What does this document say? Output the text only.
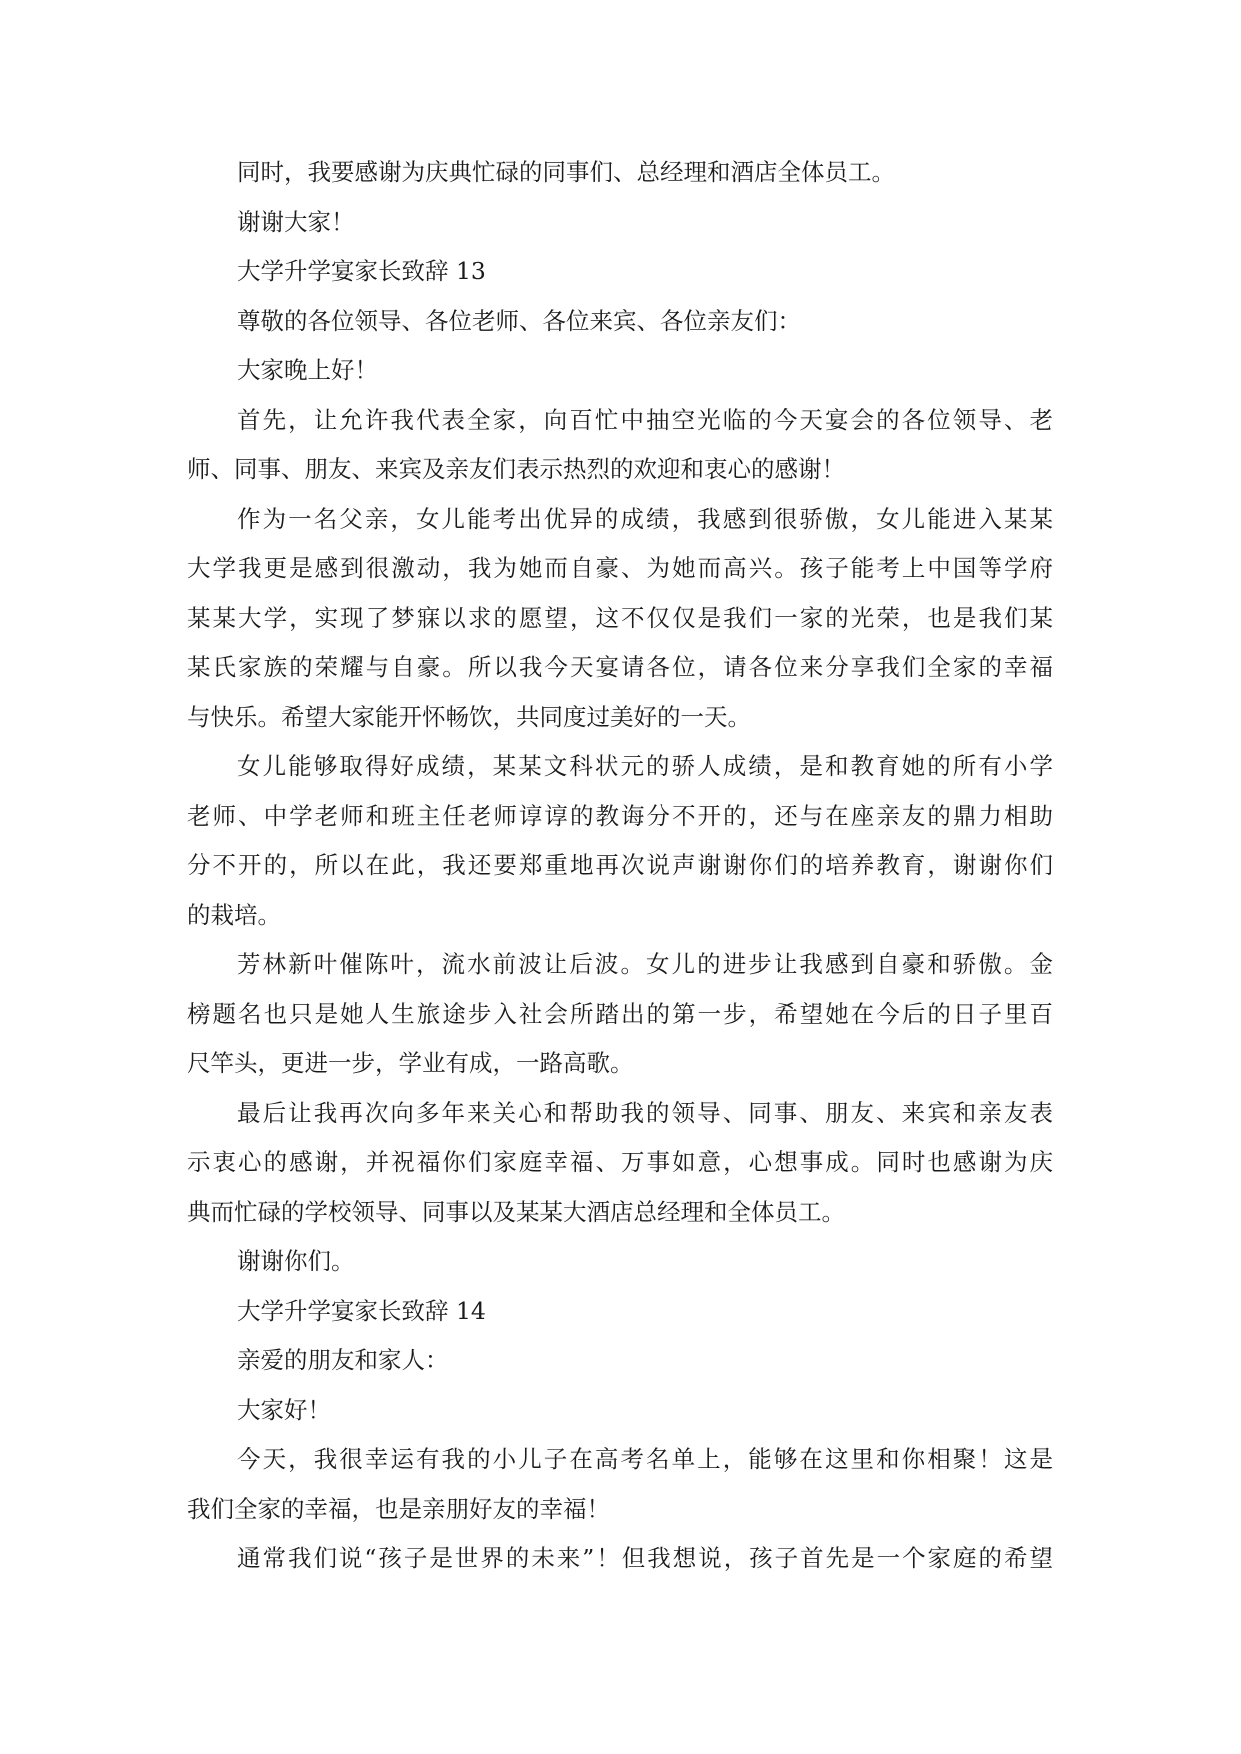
同时，我要感谢为庆典忙碌的同事们、总经理和酒店全体员工。
谢谢大家！
大学升学宴家长致辞 13
尊敬的各位领导、各位老师、各位来宾、各位亲友们：
大家晚上好！
首先，让允许我代表全家，向百忙中抽空光临的今天宴会的各位领导、老
师、同事、朋友、来宾及亲友们表示热烈的欢迎和衷心的感谢！
作为一名父亲，女儿能考出优异的成绩，我感到很骄傲，女儿能进入某某
大学我更是感到很激动，我为她而自豪、为她而高兴。孩子能考上中国等学府
某某大学，实现了梦寐以求的愿望，这不仅仅是我们一家的光荣，也是我们某
某氏家族的荣耀与自豪。所以我今天宴请各位，请各位来分享我们全家的幸福
与快乐。希望大家能开怀畅饮，共同度过美好的一天。
女儿能够取得好成绩，某某文科状元的骄人成绩，是和教育她的所有小学
老师、中学老师和班主任老师谆谆的教诲分不开的，还与在座亲友的鼎力相助
分不开的，所以在此，我还要郑重地再次说声谢谢你们的培养教育，谢谢你们
的栽培。
芳林新叶催陈叶，流水前波让后波。女儿的进步让我感到自豪和骄傲。金
榜题名也只是她人生旅途步入社会所踏出的第一步，希望她在今后的日子里百
尺竿头，更进一步，学业有成，一路高歌。
最后让我再次向多年来关心和帮助我的领导、同事、朋友、来宾和亲友表
示衷心的感谢，并祝福你们家庭幸福、万事如意，心想事成。同时也感谢为庆
典而忙碌的学校领导、同事以及某某大酒店总经理和全体员工。
谢谢你们。
大学升学宴家长致辞 14
亲爱的朋友和家人：
大家好！
今天，我很幸运有我的小儿子在高考名单上，能够在这里和你相聚！这是
我们全家的幸福，也是亲朋好友的幸福！
通常我们说“孩子是世界的未来”！但我想说，孩子首先是一个家庭的希望
